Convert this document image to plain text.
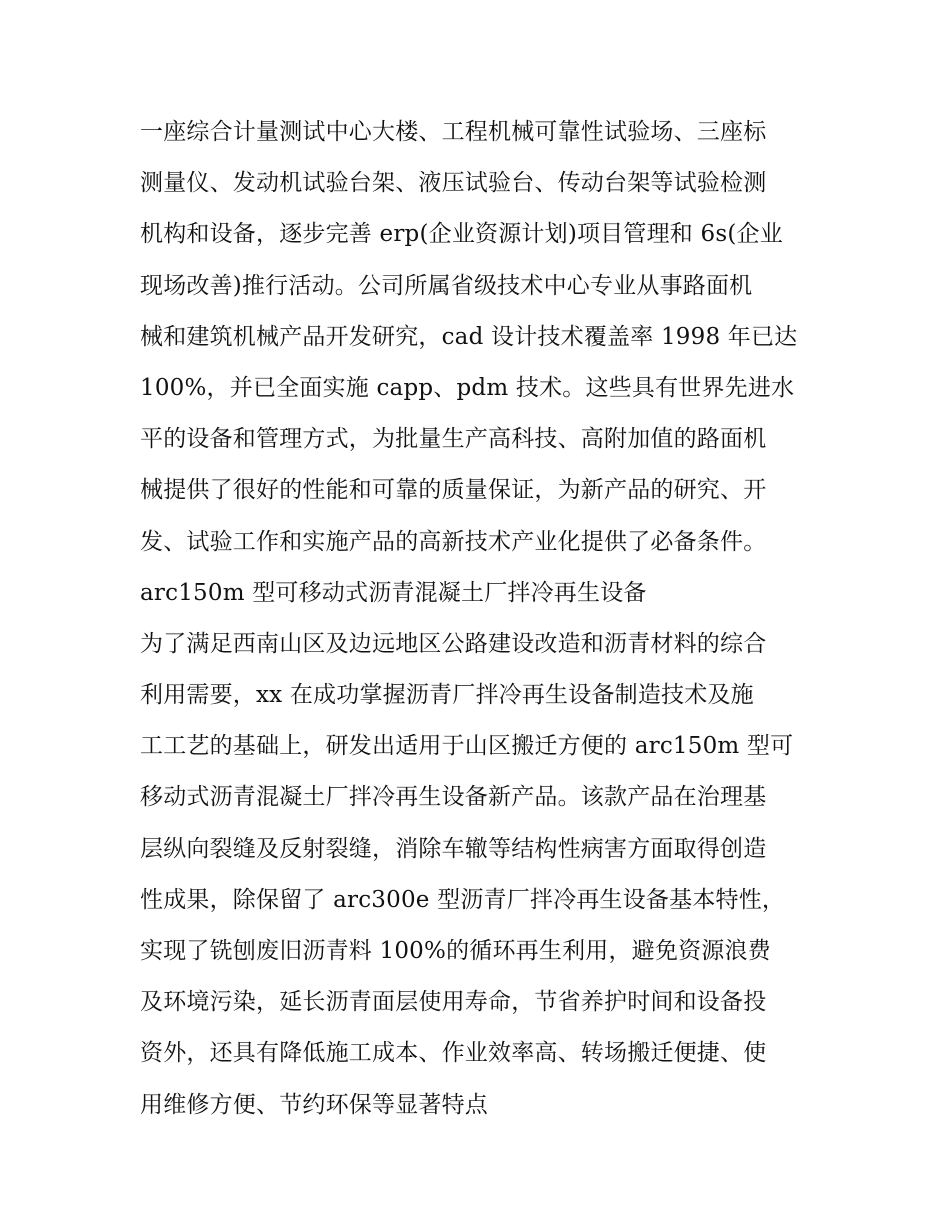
一座综合计量测试中心大楼、工程机械可靠性试验场、三座标
测量仪、发动机试验台架、液压试验台、传动台架等试验检测
机构和设备，逐步完善 erp(企业资源计划)项目管理和 6s(企业
现场改善)推行活动。公司所属省级技术中心专业从事路面机
械和建筑机械产品开发研究，cad 设计技术覆盖率 1998 年已达
100%，并已全面实施 capp、pdm 技术。这些具有世界先进水
平的设备和管理方式，为批量生产高科技、高附加值的路面机
械提供了很好的性能和可靠的质量保证，为新产品的研究、开
发、试验工作和实施产品的高新技术产业化提供了必备条件。
arc150m 型可移动式沥青混凝土厂拌冷再生设备
为了满足西南山区及边远地区公路建设改造和沥青材料的综合
利用需要，xx 在成功掌握沥青厂拌冷再生设备制造技术及施
工工艺的基础上，研发出适用于山区搬迁方便的 arc150m 型可
移动式沥青混凝土厂拌冷再生设备新产品。该款产品在治理基
层纵向裂缝及反射裂缝，消除车辙等结构性病害方面取得创造
性成果，除保留了 arc300e 型沥青厂拌冷再生设备基本特性，
实现了铣刨废旧沥青料 100%的循环再生利用，避免资源浪费
及环境污染，延长沥青面层使用寿命，节省养护时间和设备投
资外，还具有降低施工成本、作业效率高、转场搬迁便捷、使
用维修方便、节约环保等显著特点
